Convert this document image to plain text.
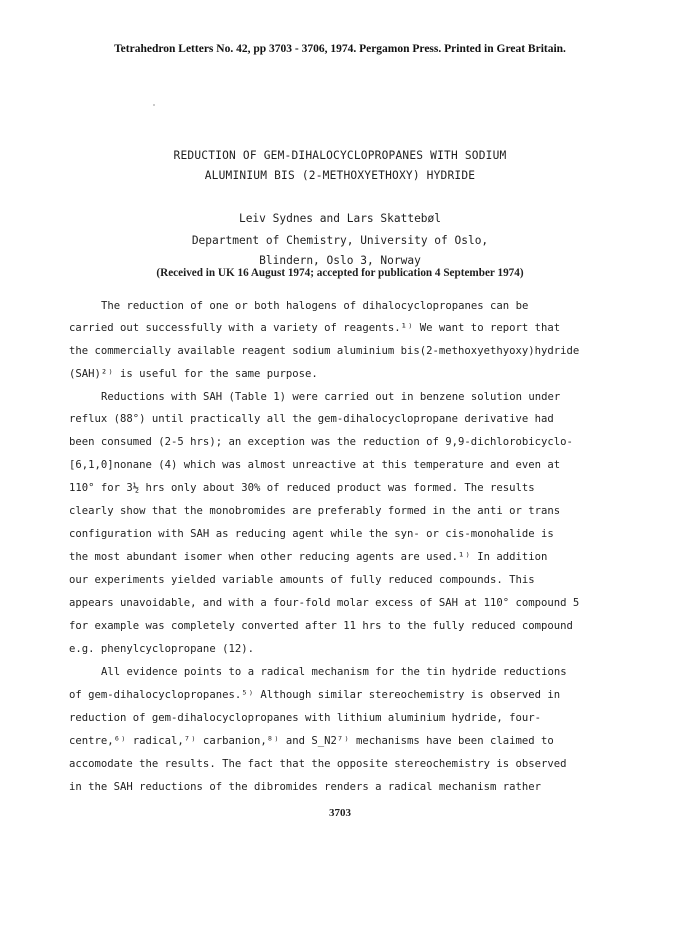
Tetrahedron Letters No. 42, pp 3703 - 3706, 1974. Pergamon Press. Printed in Great Britain.
REDUCTION OF GEM-DIHALOCYCLOPROPANES WITH SODIUM
ALUMINIUM BIS (2-METHOXYETHOXY) HYDRIDE
Leiv Sydnes and Lars Skattebøl
Department of Chemistry, University of Oslo,
Blindern, Oslo 3, Norway
(Received in UK 16 August 1974; accepted for publication 4 September 1974)
The reduction of one or both halogens of dihalocyclopropanes can be
carried out successfully with a variety of reagents.¹⁾ We want to report that
the commercially available reagent sodium aluminium bis(2-methoxyethyoxy)hydride
(SAH)²⁾ is useful for the same purpose.
Reductions with SAH (Table 1) were carried out in benzene solution under
reflux (88°) until practically all the gem-dihalocyclopropane derivative had
been consumed (2-5 hrs); an exception was the reduction of 9,9-dichlorobicyclo-
[6,1,0]nonane (4) which was almost unreactive at this temperature and even at
110° for 3½ hrs only about 30% of reduced product was formed. The results
clearly show that the monobromides are preferably formed in the anti or trans
configuration with SAH as reducing agent while the syn- or cis-monohalide is
the most abundant isomer when other reducing agents are used.¹⁾ In addition
our experiments yielded variable amounts of fully reduced compounds. This
appears unavoidable, and with a four-fold molar excess of SAH at 110° compound 5
for example was completely converted after 11 hrs to the fully reduced compound
e.g. phenylcyclopropane (12).
All evidence points to a radical mechanism for the tin hydride reductions
of gem-dihalocyclopropanes.⁵⁾ Although similar stereochemistry is observed in
reduction of gem-dihalocyclopropanes with lithium aluminium hydride, four-
centre,⁶⁾ radical,⁷⁾ carbanion,⁸⁾ and S_N2⁷⁾ mechanisms have been claimed to
accomodate the results. The fact that the opposite stereochemistry is observed
in the SAH reductions of the dibromides renders a radical mechanism rather
3703
